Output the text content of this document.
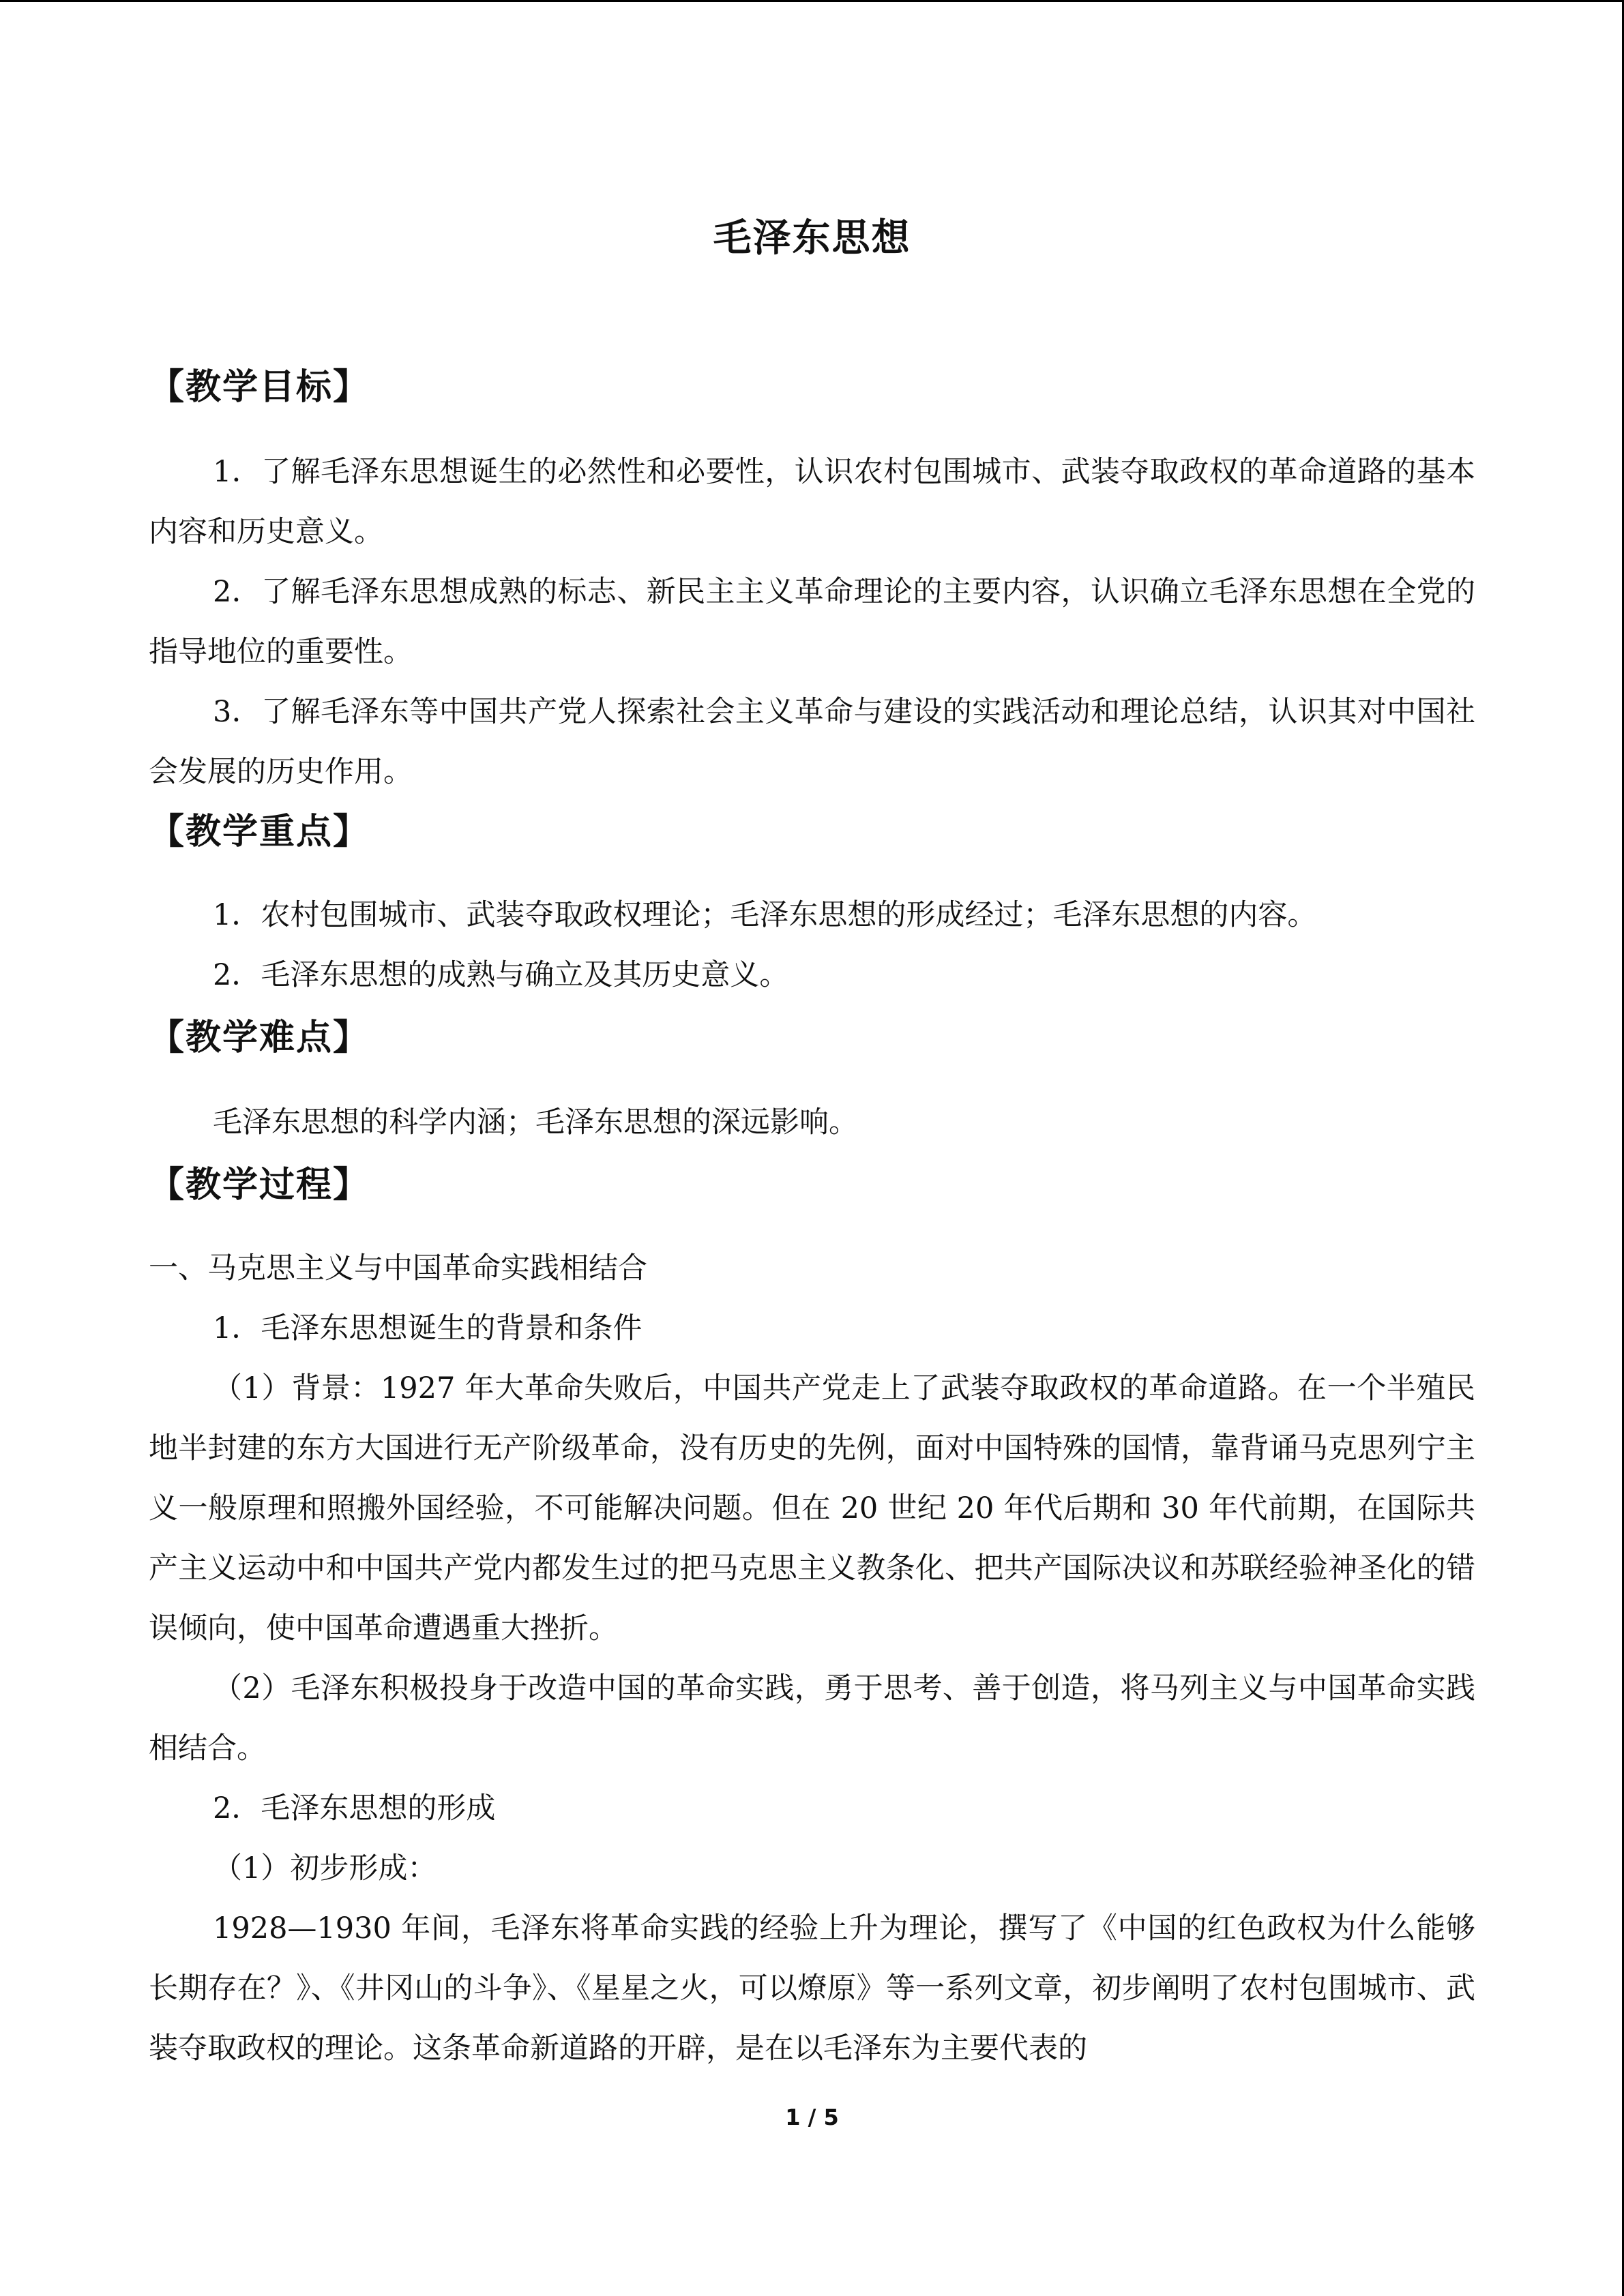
毛泽东思想
【教学目标】
1．了解毛泽东思想诞生的必然性和必要性，认识农村包围城市、武装夺取政权的革命道路的基本内容和历史意义。
2．了解毛泽东思想成熟的标志、新民主主义革命理论的主要内容，认识确立毛泽东思想在全党的指导地位的重要性。
3．了解毛泽东等中国共产党人探索社会主义革命与建设的实践活动和理论总结，认识其对中国社会发展的历史作用。
【教学重点】
1．农村包围城市、武装夺取政权理论；毛泽东思想的形成经过；毛泽东思想的内容。
2．毛泽东思想的成熟与确立及其历史意义。
【教学难点】
毛泽东思想的科学内涵；毛泽东思想的深远影响。
【教学过程】
一、马克思主义与中国革命实践相结合
1．毛泽东思想诞生的背景和条件
（1）背景：1927 年大革命失败后，中国共产党走上了武装夺取政权的革命道路。在一个半殖民地半封建的东方大国进行无产阶级革命，没有历史的先例，面对中国特殊的国情，靠背诵马克思列宁主义一般原理和照搬外国经验，不可能解决问题。但在 20 世纪 20 年代后期和 30 年代前期，在国际共产主义运动中和中国共产党内都发生过的把马克思主义教条化、把共产国际决议和苏联经验神圣化的错误倾向，使中国革命遭遇重大挫折。
（2）毛泽东积极投身于改造中国的革命实践，勇于思考、善于创造，将马列主义与中国革命实践相结合。
2．毛泽东思想的形成
（1）初步形成：
1928—1930 年间，毛泽东将革命实践的经验上升为理论，撰写了《中国的红色政权为什么能够长期存在？》、《井冈山的斗争》、《星星之火，可以燎原》等一系列文章，初步阐明了农村包围城市、武装夺取政权的理论。这条革命新道路的开辟，是在以毛泽东为主要代表的
1 / 5
